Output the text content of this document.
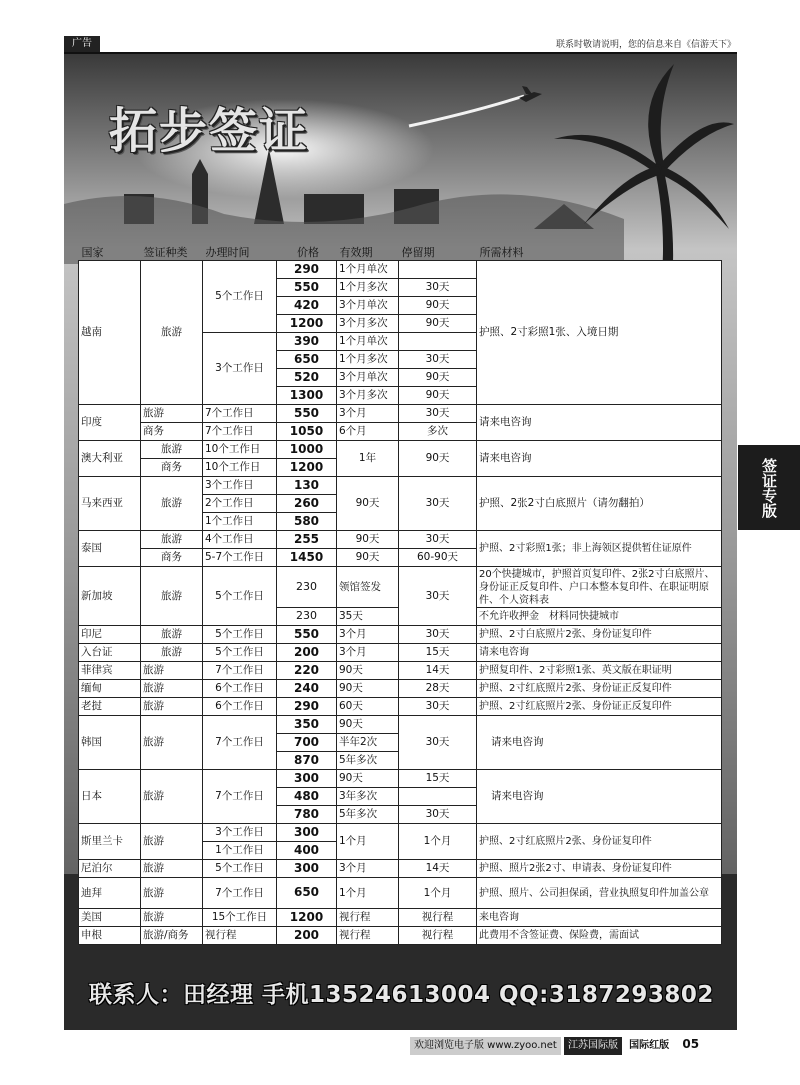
广告	联系时敬请说明，您的信息来自《信游天下》
拓步签证
国家	签证种类	办理时间	价格	有效期	停留期	所需材料
越南	旅游	5个工作日	290	1个月单次		护照、2寸彩照1张、入境日期
			550	1个月多次	30天	
			420	3个月单次	90天	
			1200	3个月多次	90天	
		3个工作日	390	1个月单次		
			650	1个月多次	30天	
			520	3个月单次	90天	
			1300	3个月多次	90天	
印度	旅游	7个工作日	550	3个月	30天	请来电咨询
	商务	7个工作日	1050	6个月	多次	
澳大利亚	旅游	10个工作日	1000	1年	90天	请来电咨询
	商务	10个工作日	1200			
马来西亚	旅游	3个工作日	130	90天	30天	护照、2张2寸白底照片（请勿翻拍）
		2个工作日	260			
		1个工作日	580			
泰国	旅游	4个工作日	255	90天	30天	护照、2寸彩照1张；非上海领区提供暂住证原件
	商务	5-7个工作日	1450	90天	60-90天	
新加坡	旅游	5个工作日	230	领馆签发	30天	20个快捷城市，护照首页复印件、2张2寸白底照片、身份证正反复印件、户口本整本复印件、在职证明原件、个人资料表
			230	35天		不允许收押金　材料同快捷城市
印尼	旅游	5个工作日	550	3个月	30天	护照、2寸白底照片2张、身份证复印件
入台证	旅游	5个工作日	200	3个月	15天	请来电咨询
菲律宾	旅游	7个工作日	220	90天	14天	护照复印件、2寸彩照1张、英文版在职证明
缅甸	旅游	6个工作日	240	90天	28天	护照、2寸红底照片2张、身份证正反复印件
老挝	旅游	6个工作日	290	60天	30天	护照、2寸红底照片2张、身份证正反复印件
韩国	旅游	7个工作日	350	90天	30天	请来电咨询
			700	半年2次		
			870	5年多次		
日本	旅游	7个工作日	300	90天	15天	请来电咨询
			480	3年多次		
			780	5年多次	30天	
斯里兰卡	旅游	3个工作日	300	1个月	1个月	护照、2寸红底照片2张、身份证复印件
		1个工作日	400			
尼泊尔	旅游	5个工作日	300	3个月	14天	护照、照片2张2寸、申请表、身份证复印件
迪拜	旅游	7个工作日	650	1个月	1个月	护照、照片、公司担保函，营业执照复印件加盖公章
美国	旅游	15个工作日	1200	视行程	视行程	来电咨询
申根	旅游/商务	视行程	200	视行程	视行程	此费用不含签证费、保险费，需面试
联系人：田经理 手机13524613004 QQ:3187293802
签证专版
欢迎浏览电子版 www.zyoo.net 江苏国际版 国际红版 05
